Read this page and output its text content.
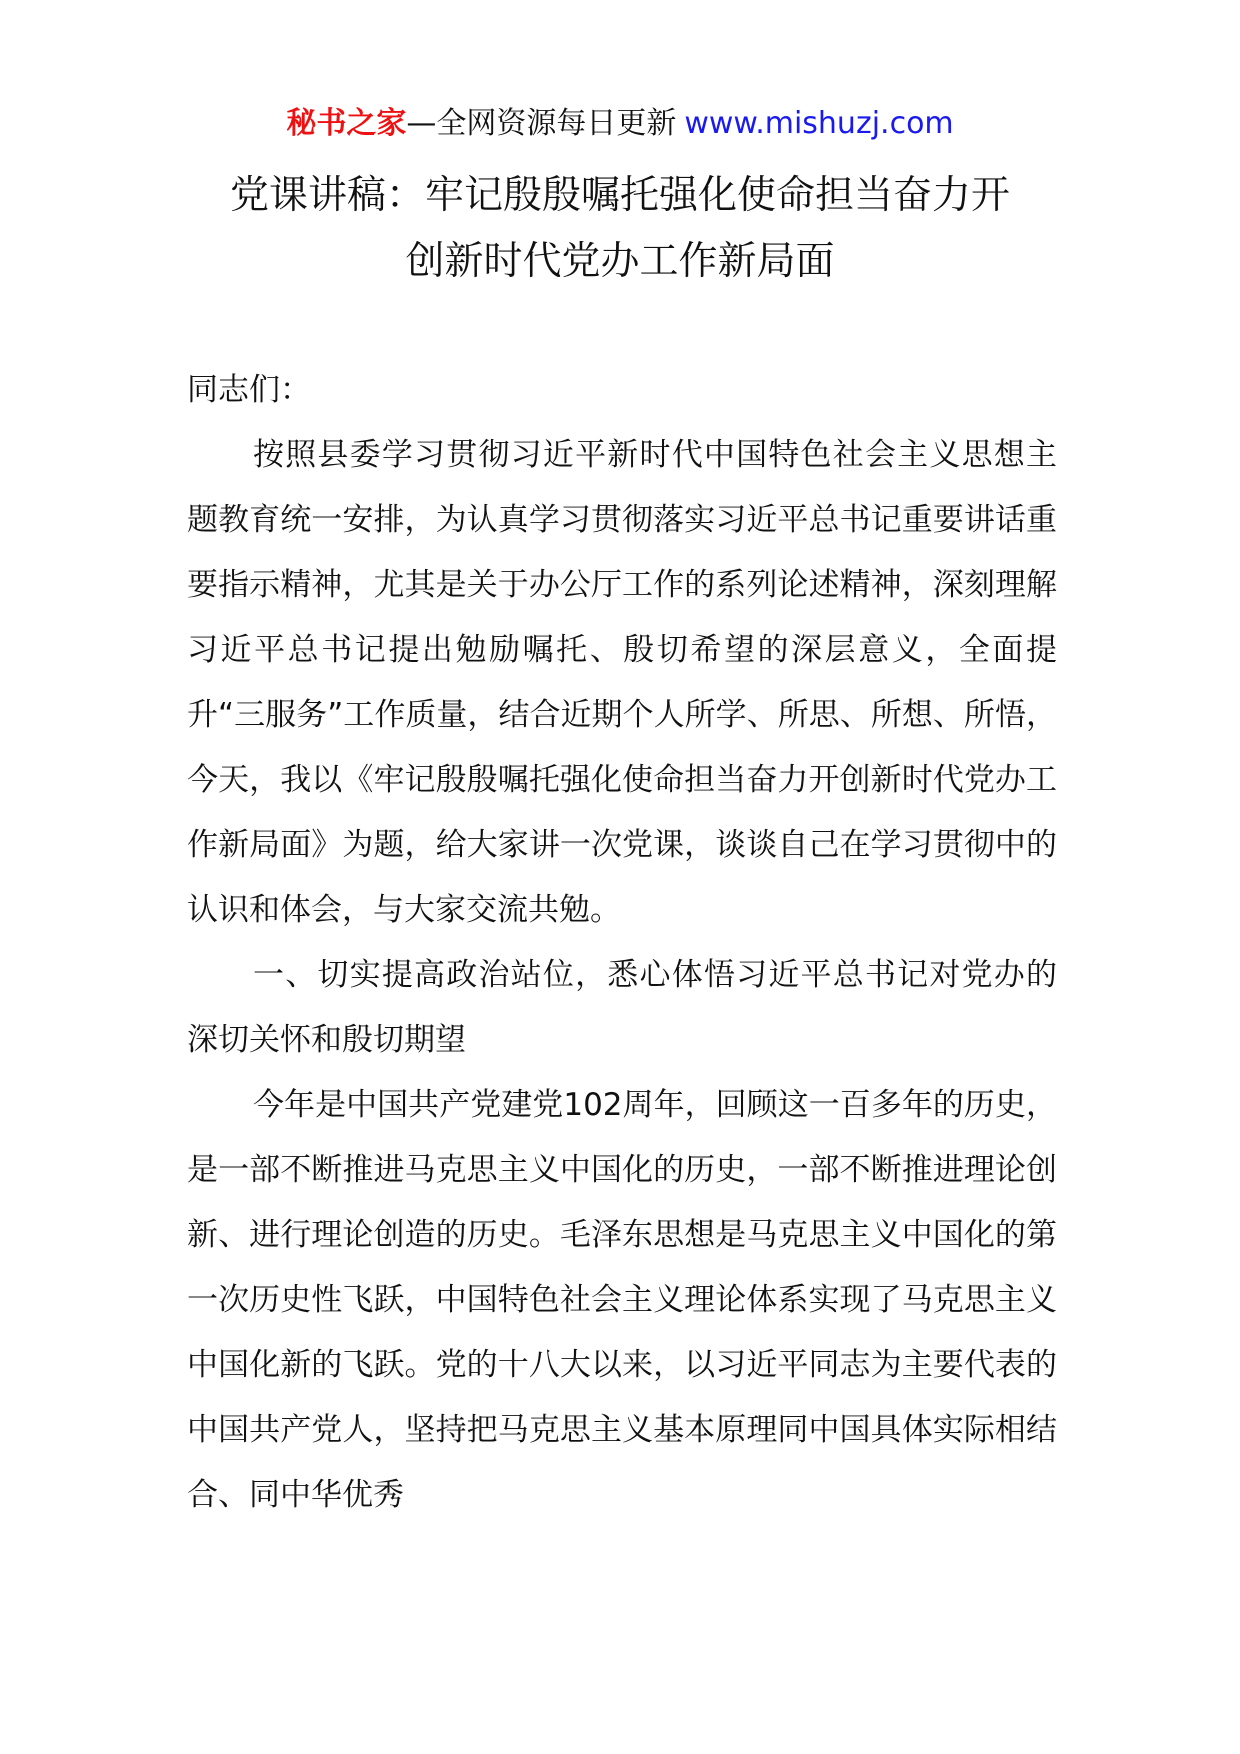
秘书之家—全网资源每日更新 www.mishuzj.com
党课讲稿：牢记殷殷嘱托强化使命担当奋力开
创新时代党办工作新局面

同志们：

按照县委学习贯彻习近平新时代中国特色社会主义思想主题教育统一安排，为认真学习贯彻落实习近平总书记重要讲话重要指示精神，尤其是关于办公厅工作的系列论述精神，深刻理解习近平总书记提出勉励嘱托、殷切希望的深层意义，全面提升“三服务”工作质量，结合近期个人所学、所思、所想、所悟，今天，我以《牢记殷殷嘱托强化使命担当奋力开创新时代党办工作新局面》为题，给大家讲一次党课，谈谈自己在学习贯彻中的认识和体会，与大家交流共勉。

一、切实提高政治站位，悉心体悟习近平总书记对党办的深切关怀和殷切期望

今年是中国共产党建党102周年，回顾这一百多年的历史，是一部不断推进马克思主义中国化的历史，一部不断推进理论创新、进行理论创造的历史。毛泽东思想是马克思主义中国化的第一次历史性飞跃，中国特色社会主义理论体系实现了马克思主义中国化新的飞跃。党的十八大以来，以习近平同志为主要代表的中国共产党人，坚持把马克思主义基本原理同中国具体实际相结合、同中华优秀
